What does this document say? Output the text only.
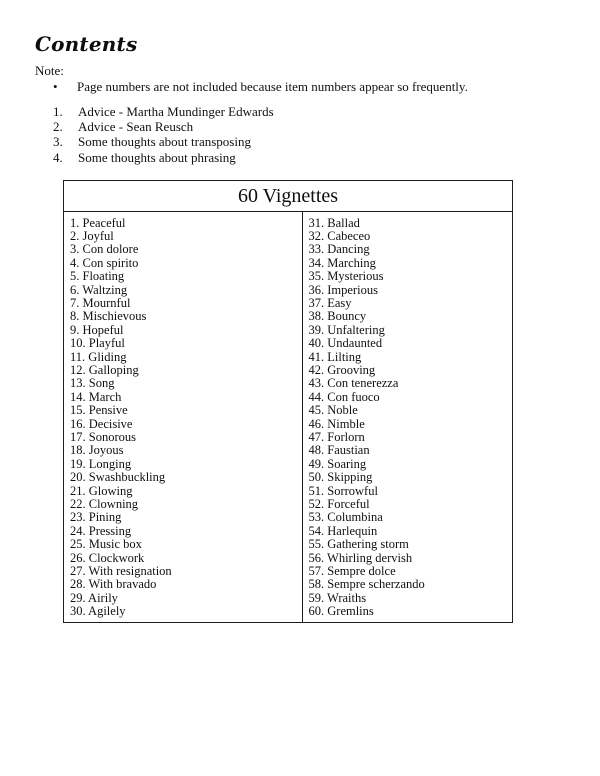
Contents
Note:
•	Page numbers are not included because item numbers appear so frequently.
1.	Advice - Martha Mundinger Edwards
2.	Advice - Sean Reusch
3.	Some thoughts about transposing
4.	Some thoughts about phrasing
60 Vignettes
1. Peaceful
2. Joyful
3. Con dolore
4. Con spirito
5. Floating
6. Waltzing
7. Mournful
8. Mischievous
9. Hopeful
10. Playful
11. Gliding
12. Galloping
13. Song
14. March
15. Pensive
16. Decisive
17. Sonorous
18. Joyous
19. Longing
20. Swashbuckling
21. Glowing
22. Clowning
23. Pining
24. Pressing
25. Music box
26. Clockwork
27. With resignation
28. With bravado
29. Airily
30. Agilely
31. Ballad
32. Cabeceo
33. Dancing
34. Marching
35. Mysterious
36. Imperious
37. Easy
38. Bouncy
39. Unfaltering
40. Undaunted
41. Lilting
42. Grooving
43. Con tenerezza
44. Con fuoco
45. Noble
46. Nimble
47. Forlorn
48. Faustian
49. Soaring
50. Skipping
51. Sorrowful
52. Forceful
53. Columbina
54. Harlequin
55. Gathering storm
56. Whirling dervish
57. Sempre dolce
58. Sempre scherzando
59. Wraiths
60. Gremlins
